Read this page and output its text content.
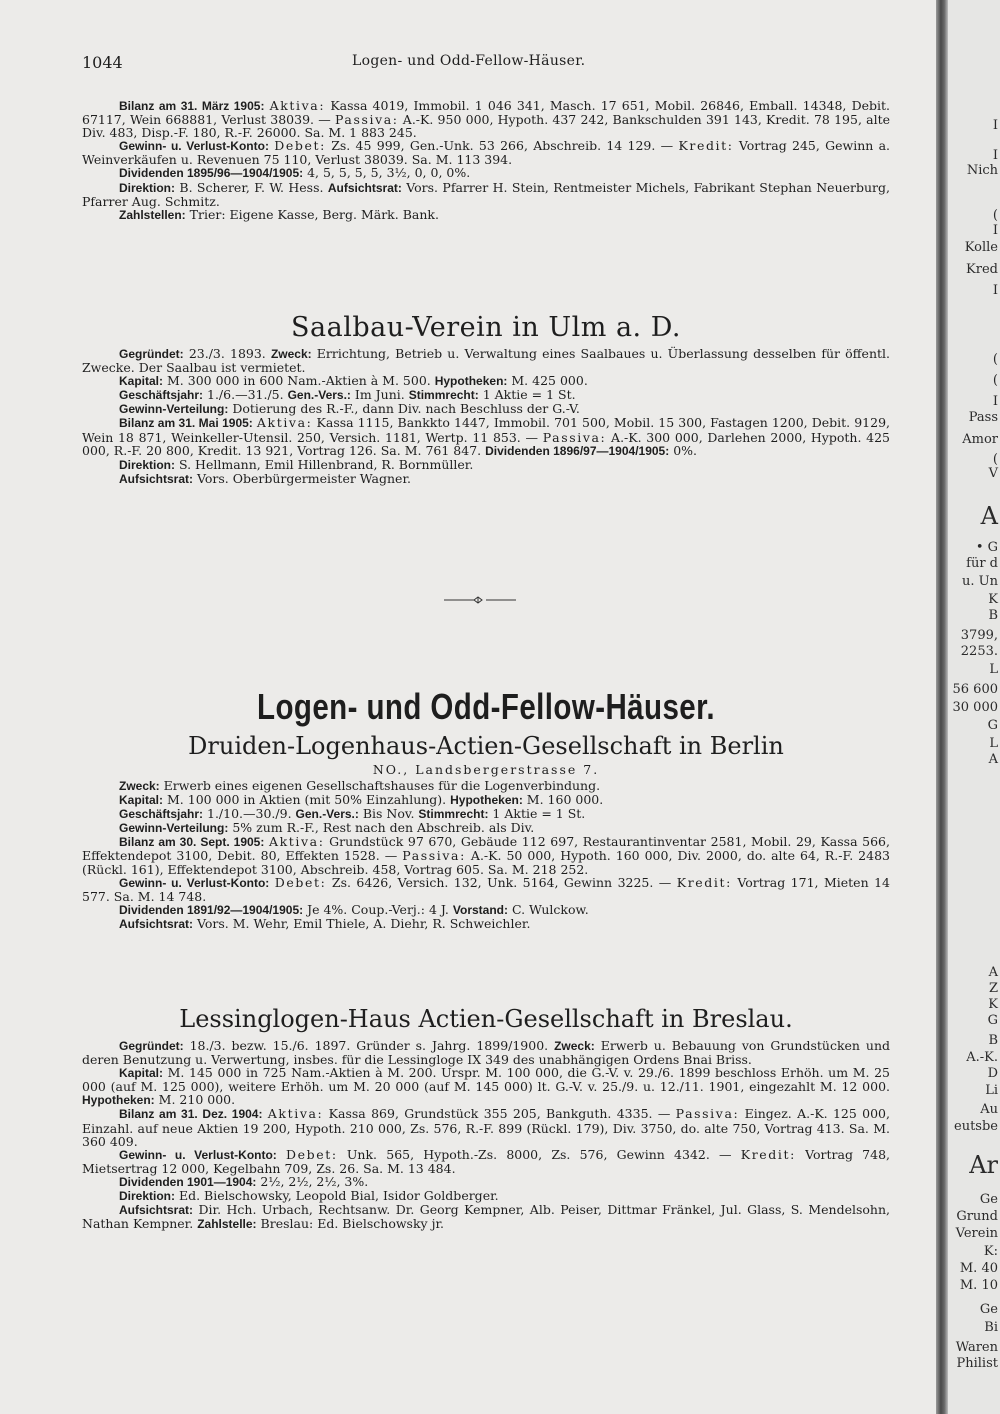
1044	Logen- und Odd-Fellow-Häuser.

Bilanz am 31. März 1905: Aktiva: Kassa 4019, Immobil. 1 046 341, Masch. 17 651, Mobil. 26846, Emball. 14348, Debit. 67117, Wein 668881, Verlust 38039. — Passiva: A.-K. 950 000, Hypoth. 437 242, Bankschulden 391 143, Kredit. 78 195, alte Div. 483, Disp.-F. 180, R.-F. 26000. Sa. M. 1 883 245.

Gewinn- u. Verlust-Konto: Debet: Zs. 45 999, Gen.-Unk. 53 266, Abschreib. 14 129. — Kredit: Vortrag 245, Gewinn a. Weinverkäufen u. Revenuen 75 110, Verlust 38039. Sa. M. 113 394.

Dividenden 1895/96—1904/1905: 4, 5, 5, 5, 5, 3½, 0, 0, 0%.

Direktion: B. Scherer, F. W. Hess. Aufsichtsrat: Vors. Pfarrer H. Stein, Rentmeister Michels, Fabrikant Stephan Neuerburg, Pfarrer Aug. Schmitz.

Zahlstellen: Trier: Eigene Kasse, Berg. Märk. Bank.

Saalbau-Verein in Ulm a. D.

Gegründet: 23./3. 1893. Zweck: Errichtung, Betrieb u. Verwaltung eines Saalbaues u. Überlassung desselben für öffentl. Zwecke. Der Saalbau ist vermietet.

Kapital: M. 300 000 in 600 Nam.-Aktien à M. 500. Hypotheken: M. 425 000.

Geschäftsjahr: 1./6.—31./5. Gen.-Vers.: Im Juni. Stimmrecht: 1 Aktie = 1 St.

Gewinn-Verteilung: Dotierung des R.-F., dann Div. nach Beschluss der G.-V.

Bilanz am 31. Mai 1905: Aktiva: Kassa 1115, Bankkto 1447, Immobil. 701 500, Mobil. 15 300, Fastagen 1200, Debit. 9129, Wein 18 871, Weinkeller-Utensil. 250, Versich. 1181, Wertp. 11 853. — Passiva: A.-K. 300 000, Darlehen 2000, Hypoth. 425 000, R.-F. 20 800, Kredit. 13 921, Vortrag 126. Sa. M. 761 847. Dividenden 1896/97—1904/1905: 0%.

Direktion: S. Hellmann, Emil Hillenbrand, R. Bornmüller.

Aufsichtsrat: Vors. Oberbürgermeister Wagner.

Logen- und Odd-Fellow-Häuser.
Druiden-Logenhaus-Actien-Gesellschaft in Berlin
NO., Landsbergerstrasse 7.

Zweck: Erwerb eines eigenen Gesellschaftshauses für die Logenverbindung.

Kapital: M. 100 000 in Aktien (mit 50% Einzahlung). Hypotheken: M. 160 000.

Geschäftsjahr: 1./10.—30./9. Gen.-Vers.: Bis Nov. Stimmrecht: 1 Aktie = 1 St.

Gewinn-Verteilung: 5% zum R.-F., Rest nach den Abschreib. als Div.

Bilanz am 30. Sept. 1905: Aktiva: Grundstück 97 670, Gebäude 112 697, Restaurantinventar 2581, Mobil. 29, Kassa 566, Effektendepot 3100, Debit. 80, Effekten 1528. — Passiva: A.-K. 50 000, Hypoth. 160 000, Div. 2000, do. alte 64, R.-F. 2483 (Rückl. 161), Effektendepot 3100, Abschreib. 458, Vortrag 605. Sa. M. 218 252.

Gewinn- u. Verlust-Konto: Debet: Zs. 6426, Versich. 132, Unk. 5164, Gewinn 3225. — Kredit: Vortrag 171, Mieten 14 577. Sa. M. 14 748.

Dividenden 1891/92—1904/1905: Je 4%. Coup.-Verj.: 4 J. Vorstand: C. Wulckow.

Aufsichtsrat: Vors. M. Wehr, Emil Thiele, A. Diehr, R. Schweichler.

Lessinglogen-Haus Actien-Gesellschaft in Breslau.

Gegründet: 18./3. bezw. 15./6. 1897. Gründer s. Jahrg. 1899/1900. Zweck: Erwerb u. Bebauung von Grundstücken und deren Benutzung u. Verwertung, insbes. für die Lessingloge IX 349 des unabhängigen Ordens Bnai Briss.

Kapital: M. 145 000 in 725 Nam.-Aktien à M. 200. Urspr. M. 100 000, die G.-V. v. 29./6. 1899 beschloss Erhöh. um M. 25 000 (auf M. 125 000), weitere Erhöh. um M. 20 000 (auf M. 145 000) lt. G.-V. v. 25./9. u. 12./11. 1901, eingezahlt M. 12 000. Hypotheken: M. 210 000.

Bilanz am 31. Dez. 1904: Aktiva: Kassa 869, Grundstück 355 205, Bankguth. 4335. — Passiva: Eingez. A.-K. 125 000, Einzahl. auf neue Aktien 19 200, Hypoth. 210 000, Zs. 576, R.-F. 899 (Rückl. 179), Div. 3750, do. alte 750, Vortrag 413. Sa. M. 360 409.

Gewinn- u. Verlust-Konto: Debet: Unk. 565, Hypoth.-Zs. 8000, Zs. 576, Gewinn 4342. — Kredit: Vortrag 748, Mietsertrag 12 000, Kegelbahn 709, Zs. 26. Sa. M. 13 484.

Dividenden 1901—1904: 2½, 2½, 2½, 3%.

Direktion: Ed. Bielschowsky, Leopold Bial, Isidor Goldberger.

Aufsichtsrat: Dir. Hch. Urbach, Rechtsanw. Dr. Georg Kempner, Alb. Peiser, Dittmar Fränkel, Jul. Glass, S. Mendelsohn, Nathan Kempner. Zahlstelle: Breslau: Ed. Bielschowsky jr.

I
I
Nich
(
I
Kolle
Kred
I
(
(
I
Pass
Amor
(
V
A
• G
für d
u. Un
K
B
3799,
2253.
L
56 600
30 000
G
L
A
A
Z
K
G
B
A.-K.
D
Li
Au
eutsbe
Ar
Ge
Grund
Verein
K:
M. 40
M. 10
Ge
Bi
Waren
Philist
